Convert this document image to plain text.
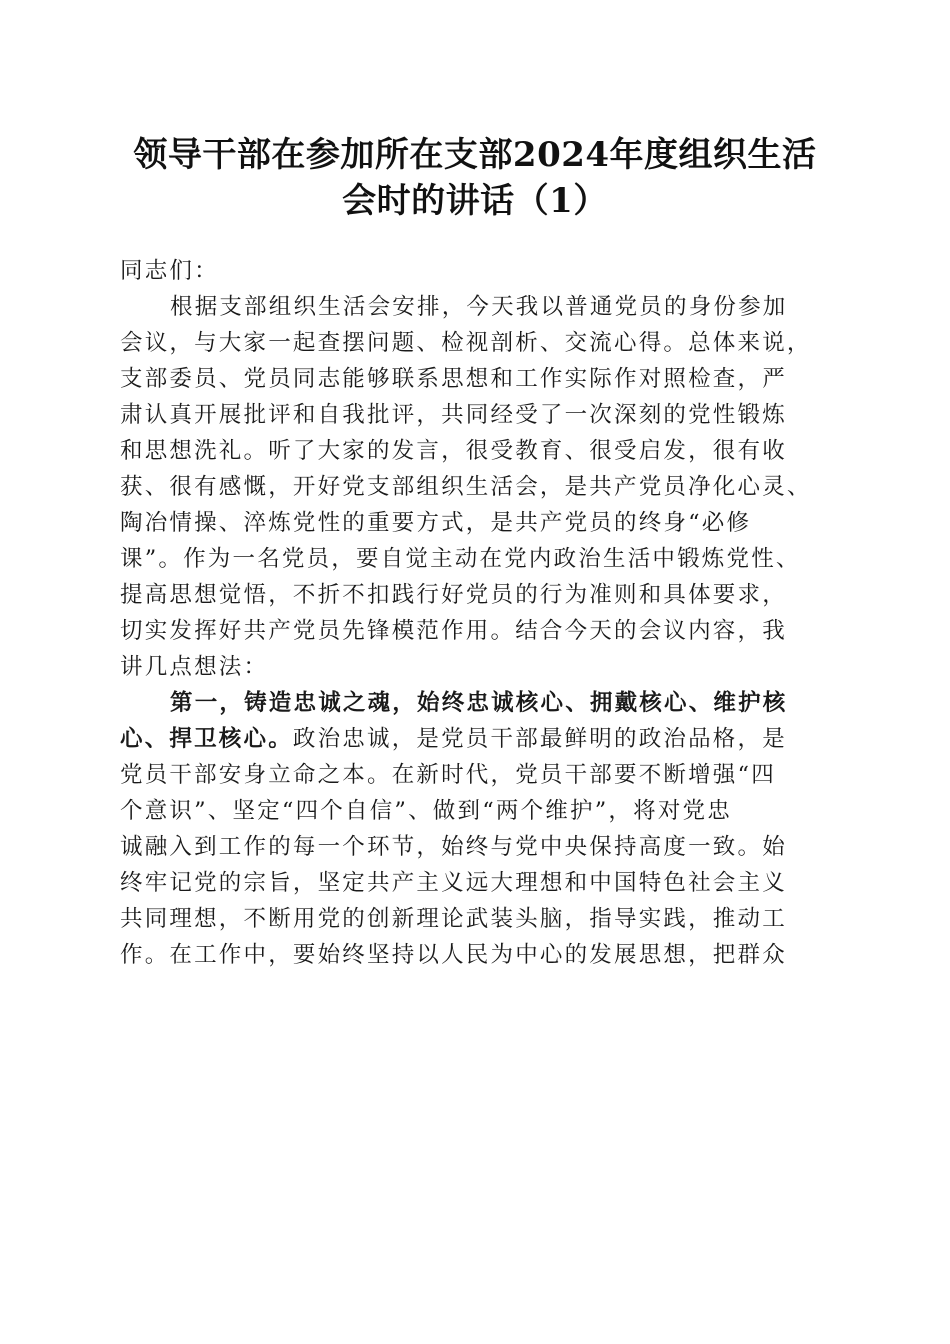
领导干部在参加所在支部2024年度组织生活
会时的讲话（1）
同志们：
根据支部组织生活会安排，今天我以普通党员的身份参加
会议，与大家一起查摆问题、检视剖析、交流心得。总体来说，
支部委员、党员同志能够联系思想和工作实际作对照检查，严
肃认真开展批评和自我批评，共同经受了一次深刻的党性锻炼
和思想洗礼。听了大家的发言，很受教育、很受启发，很有收
获、很有感慨，开好党支部组织生活会，是共产党员净化心灵、
陶冶情操、淬炼党性的重要方式，是共产党员的终身“必修
课”。作为一名党员，要自觉主动在党内政治生活中锻炼党性、
提高思想觉悟，不折不扣践行好党员的行为准则和具体要求，
切实发挥好共产党员先锋模范作用。结合今天的会议内容，我
讲几点想法：
第一，铸造忠诚之魂，始终忠诚核心、拥戴核心、维护核
心、捍卫核心。政治忠诚，是党员干部最鲜明的政治品格，是
党员干部安身立命之本。在新时代，党员干部要不断增强“四
个意识”、坚定“四个自信”、做到“两个维护”，将对党忠
诚融入到工作的每一个环节，始终与党中央保持高度一致。始
终牢记党的宗旨，坚定共产主义远大理想和中国特色社会主义
共同理想，不断用党的创新理论武装头脑，指导实践，推动工
作。在工作中，要始终坚持以人民为中心的发展思想，把群众
